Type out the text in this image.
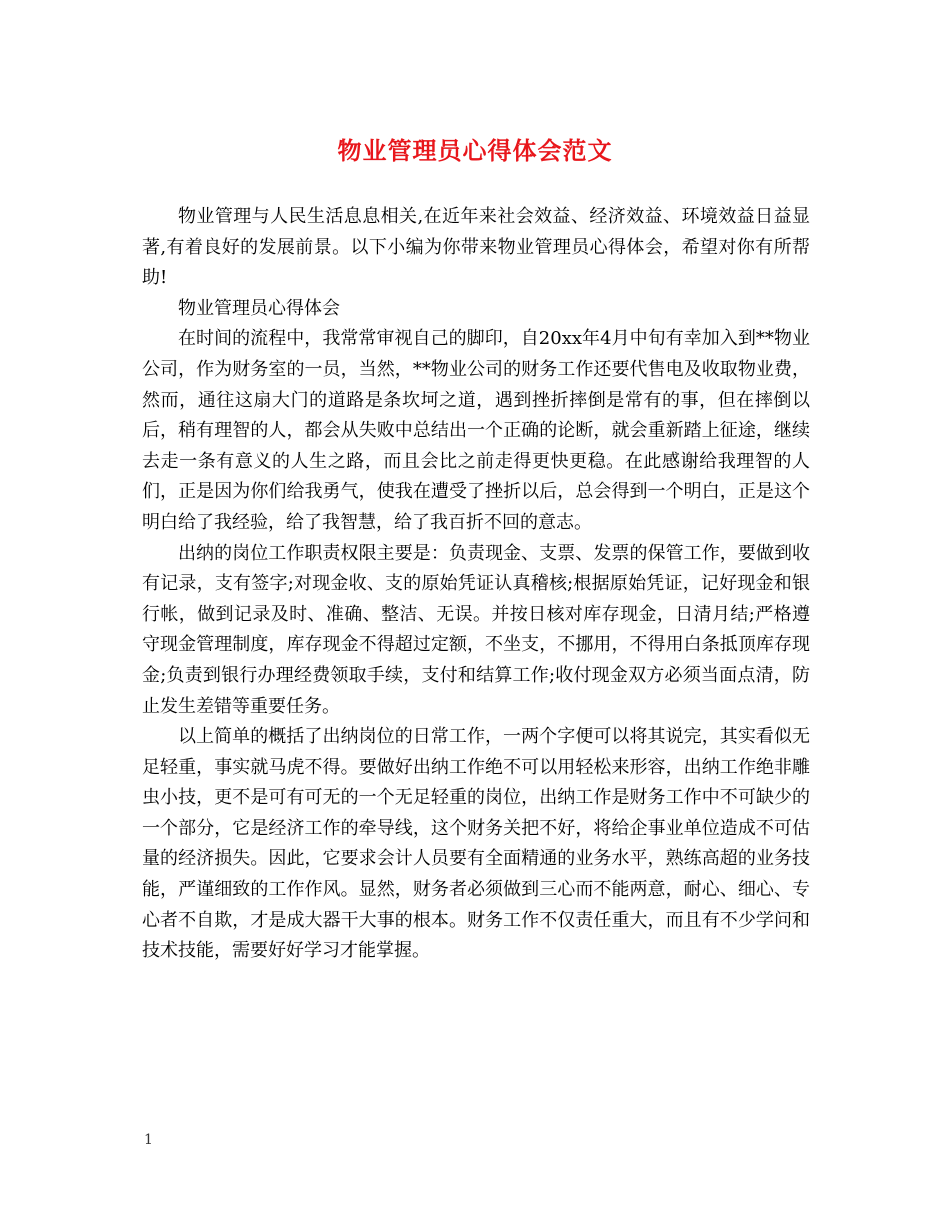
物业管理员心得体会范文

物业管理与人民生活息息相关,在近年来社会效益、经济效益、环境效益日益显著,有着良好的发展前景。以下小编为你带来物业管理员心得体会，希望对你有所帮助!

物业管理员心得体会

在时间的流程中，我常常审视自己的脚印，自20xx年4月中旬有幸加入到**物业公司，作为财务室的一员，当然，**物业公司的财务工作还要代售电及收取物业费，然而，通往这扇大门的道路是条坎坷之道，遇到挫折摔倒是常有的事，但在摔倒以后，稍有理智的人，都会从失败中总结出一个正确的论断，就会重新踏上征途，继续去走一条有意义的人生之路，而且会比之前走得更快更稳。在此感谢给我理智的人们，正是因为你们给我勇气，使我在遭受了挫折以后，总会得到一个明白，正是这个明白给了我经验，给了我智慧，给了我百折不回的意志。

出纳的岗位工作职责权限主要是：负责现金、支票、发票的保管工作，要做到收有记录，支有签字;对现金收、支的原始凭证认真稽核;根据原始凭证，记好现金和银行帐，做到记录及时、准确、整洁、无误。并按日核对库存现金，日清月结;严格遵守现金管理制度，库存现金不得超过定额，不坐支，不挪用，不得用白条抵顶库存现金;负责到银行办理经费领取手续，支付和结算工作;收付现金双方必须当面点清，防止发生差错等重要任务。

以上简单的概括了出纳岗位的日常工作，一两个字便可以将其说完，其实看似无足轻重，事实就马虎不得。要做好出纳工作绝不可以用轻松来形容，出纳工作绝非雕虫小技，更不是可有可无的一个无足轻重的岗位，出纳工作是财务工作中不可缺少的一个部分，它是经济工作的牵导线，这个财务关把不好，将给企事业单位造成不可估量的经济损失。因此，它要求会计人员要有全面精通的业务水平，熟练高超的业务技能，严谨细致的工作作风。显然，财务者必须做到三心而不能两意，耐心、细心、专心者不自欺，才是成大器干大事的根本。财务工作不仅责任重大，而且有不少学问和技术技能，需要好好学习才能掌握。

1
